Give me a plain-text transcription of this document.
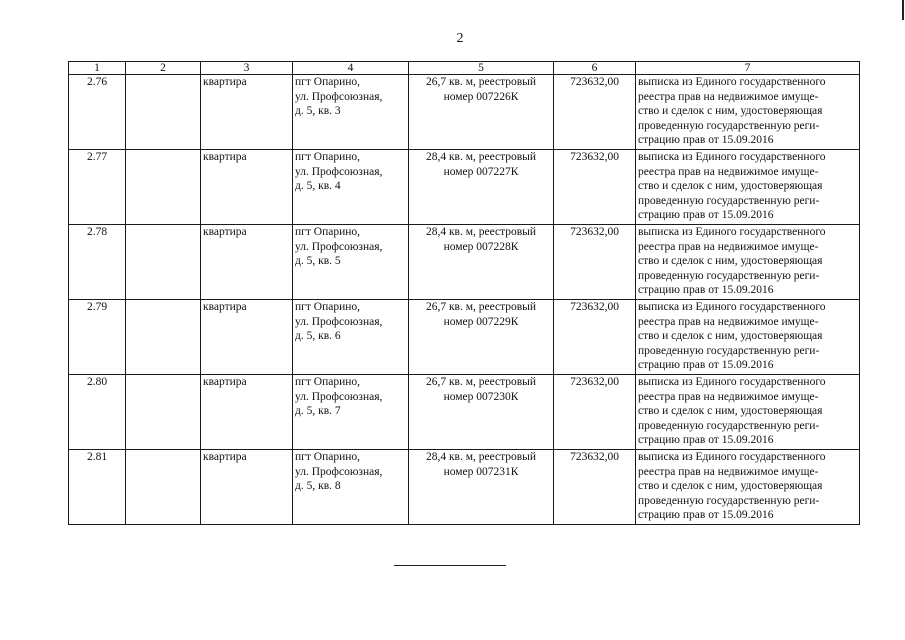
2
1	2	3	4	5	6	7
2.76		квартира	пгт Опарино,
ул. Профсоюзная,
д. 5, кв. 3	26,7 кв. м, реестровый
номер 007226К	723632,00	выписка из Единого государственного
реестра прав на недвижимое имуще-
ство и сделок с ним, удостоверяющая
проведенную государственную реги-
страцию прав от 15.09.2016

2.77		квартира	пгт Опарино,
ул. Профсоюзная,
д. 5, кв. 4	28,4 кв. м, реестровый
номер 007227К	723632,00	выписка из Единого государственного
реестра прав на недвижимое имуще-
ство и сделок с ним, удостоверяющая
проведенную государственную реги-
страцию прав от 15.09.2016

2.78		квартира	пгт Опарино,
ул. Профсоюзная,
д. 5, кв. 5	28,4 кв. м, реестровый
номер 007228К	723632,00	выписка из Единого государственного
реестра прав на недвижимое имуще-
ство и сделок с ним, удостоверяющая
проведенную государственную реги-
страцию прав от 15.09.2016

2.79		квартира	пгт Опарино,
ул. Профсоюзная,
д. 5, кв. 6	26,7 кв. м, реестровый
номер 007229К	723632,00	выписка из Единого государственного
реестра прав на недвижимое имуще-
ство и сделок с ним, удостоверяющая
проведенную государственную реги-
страцию прав от 15.09.2016

2.80		квартира	пгт Опарино,
ул. Профсоюзная,
д. 5, кв. 7	26,7 кв. м, реестровый
номер 007230К	723632,00	выписка из Единого государственного
реестра прав на недвижимое имуще-
ство и сделок с ним, удостоверяющая
проведенную государственную реги-
страцию прав от 15.09.2016

2.81		квартира	пгт Опарино,
ул. Профсоюзная,
д. 5, кв. 8	28,4 кв. м, реестровый
номер 007231К	723632,00	выписка из Единого государственного
реестра прав на недвижимое имуще-
ство и сделок с ним, удостоверяющая
проведенную государственную реги-
страцию прав от 15.09.2016
